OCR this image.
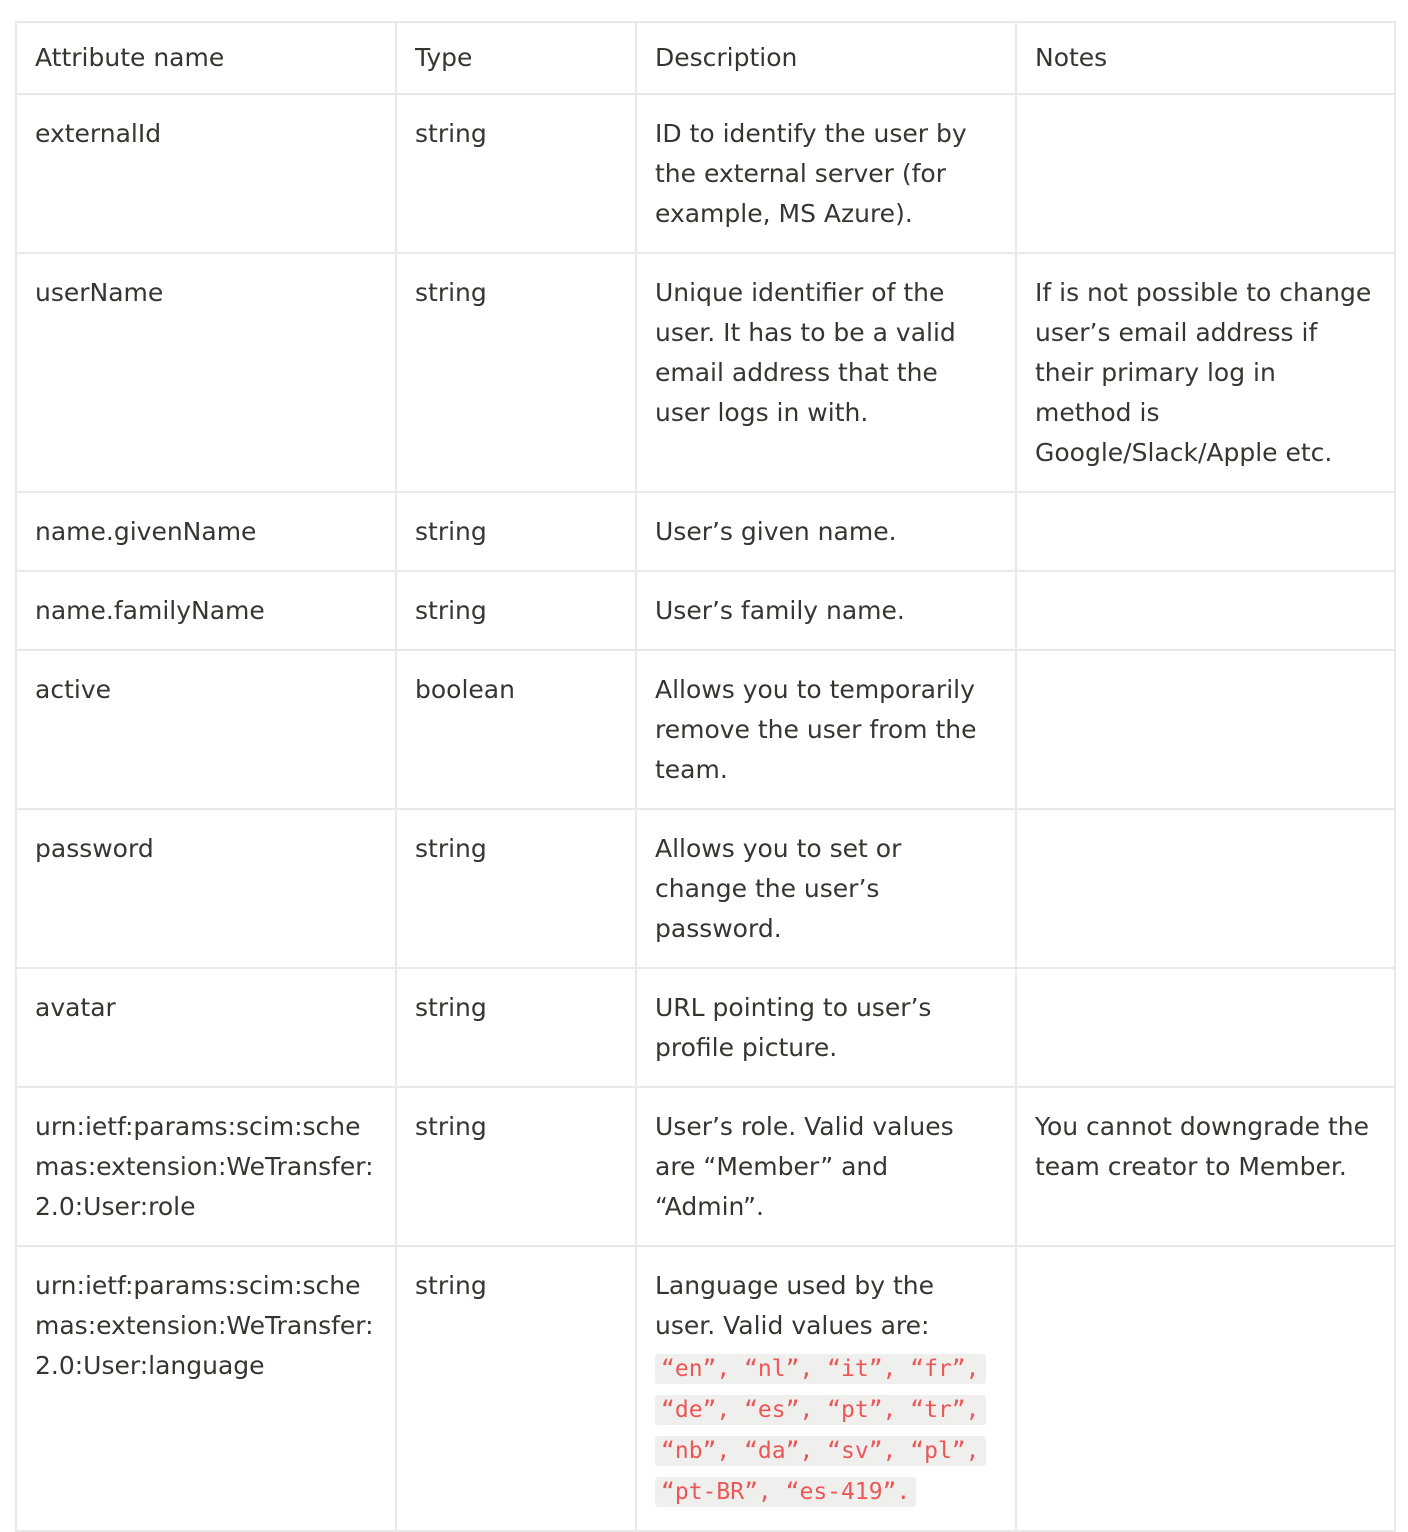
Attribute name	Type	Description	Notes
externalId	string	ID to identify the user by the external server (for example, MS Azure).	
userName	string	Unique identifier of the user. It has to be a valid email address that the user logs in with.	If is not possible to change user’s email address if their primary log in method is Google/Slack/Apple etc.
name.givenName	string	User’s given name.	
name.familyName	string	User’s family name.	
active	boolean	Allows you to temporarily remove the user from the team.	
password	string	Allows you to set or change the user’s password.	
avatar	string	URL pointing to user’s profile picture.	
urn:ietf:params:scim:schemas:extension:WeTransfer:2.0:User:role	string	User’s role. Valid values are “Member” and “Admin”.	You cannot downgrade the team creator to Member.
urn:ietf:params:scim:schemas:extension:WeTransfer:2.0:User:language	string	Language used by the user. Valid values are:
“en”, “nl”, “it”, “fr”, “de”, “es”, “pt”, “tr”, “nb”, “da”, “sv”, “pl”, “pt-BR”, “es-419”.	
